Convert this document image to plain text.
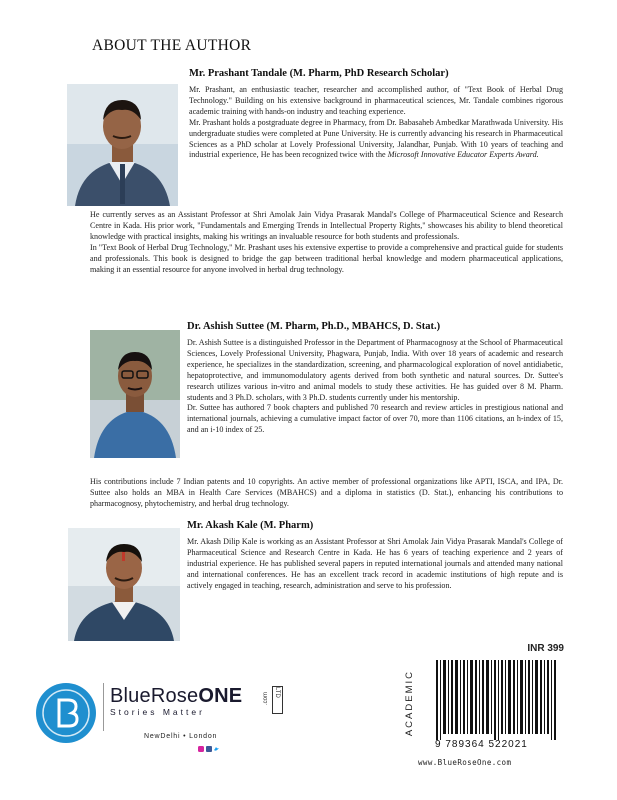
ABOUT THE AUTHOR
Mr. Prashant Tandale (M. Pharm, PhD Research Scholar)

Mr. Prashant, an enthusiastic teacher, researcher and accomplished author, of "Text Book of Herbal Drug Technology." Building on his extensive background in pharmaceutical sciences, Mr. Tandale combines rigorous academic training with hands-on industry and teaching experience.

Mr. Prashant holds a postgraduate degree in Pharmacy, from Dr. Babasaheb Ambedkar Marathwada University. His undergraduate studies were completed at Pune University. He is currently advancing his research in Pharmaceutical Sciences as a PhD scholar at Lovely Professional University, Jalandhar, Punjab. With 10 years of teaching and industrial experience, He has been recognized twice with the Microsoft Innovative Educator Experts Award.

He currently serves as an Assistant Professor at Shri Amolak Jain Vidya Prasarak Mandal's College of Pharmaceutical Science and Research Centre in Kada. His prior work, "Fundamentals and Emerging Trends in Intellectual Property Rights," showcases his ability to blend theoretical knowledge with practical insights, making his writings an invaluable resource for both students and professionals.

In "Text Book of Herbal Drug Technology," Mr. Prashant uses his extensive expertise to provide a comprehensive and practical guide for students and professionals. This book is designed to bridge the gap between traditional herbal knowledge and modern pharmaceutical applications, making it an essential resource for anyone involved in herbal drug technology.

Dr. Ashish Suttee (M. Pharm, Ph.D., MBAHCS, D. Stat.)

Dr. Ashish Suttee is a distinguished Professor in the Department of Pharmacognosy at the School of Pharmaceutical Sciences, Lovely Professional University, Phagwara, Punjab, India. With over 18 years of academic and research experience, he specializes in the standardization, screening, and pharmacological exploration of novel antidiabetic, hepatoprotective, and immunomodulatory agents derived from both synthetic and natural sources. Dr. Suttee's research utilizes various in-vitro and animal models to study these activities. He has guided over 8 M. Pharm. students and 3 Ph.D. scholars, with 3 Ph.D. students currently under his mentorship.

Dr. Suttee has authored 7 book chapters and published 70 research and review articles in prestigious national and international journals, achieving a cumulative impact factor of over 70, more than 1106 citations, an h-index of 15, and an i-10 index of 25.

His contributions include 7 Indian patents and 10 copyrights. An active member of professional organizations like APTI, ISCA, and IPA, Dr. Suttee also holds an MBA in Health Care Services (MBAHCS) and a diploma in statistics (D. Stat.), enhancing his contributions to pharmacognosy, phytochemistry, and herbal drug technology.

Mr. Akash Kale (M. Pharm)

Mr. Akash Dilip Kale is working as an Assistant Professor at Shri Amolak Jain Vidya Prasarak Mandal's College of Pharmaceutical Science and Research Centre in Kada. He has 6 years of teaching experience and 2 years of industrial experience. He has published several papers in reputed international journals and attended many national and international conferences. He has an excellent track record in academic institutions of high repute and is actively engaged in teaching, research, administration and serve to his profession.

BlueRoseONE	.com LTD
Stories Matter
NewDelhi • London
INR 399
ACADEMIC
9 789364 522021
www.BlueRoseOne.com
